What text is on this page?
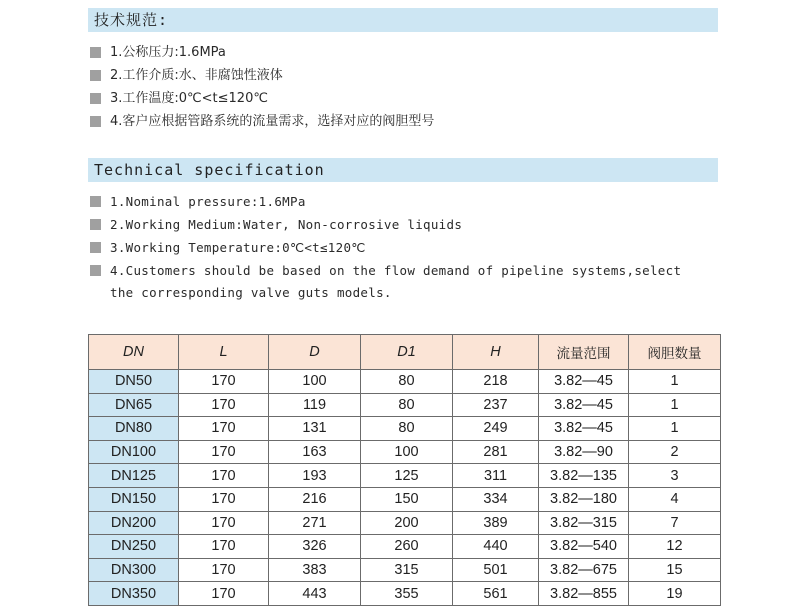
技术规范:
1.公称压力:1.6MPa
2.工作介质:水、非腐蚀性液体
3.工作温度:0℃<t≤120℃
4.客户应根据管路系统的流量需求，选择对应的阀胆型号
Technical specification
1.Nominal pressure:1.6MPa
2.Working Medium:Water, Non-corrosive liquids
3.Working Temperature:0℃<t≤120℃
4.Customers should be based on the flow demand of pipeline systems,select the corresponding valve guts models.
DN	L	D	D1	H	流量范围	阀胆数量
DN50	170	100	80	218	3.82—45	1
DN65	170	119	80	237	3.82—45	1
DN80	170	131	80	249	3.82—45	1
DN100	170	163	100	281	3.82—90	2
DN125	170	193	125	311	3.82—135	3
DN150	170	216	150	334	3.82—180	4
DN200	170	271	200	389	3.82—315	7
DN250	170	326	260	440	3.82—540	12
DN300	170	383	315	501	3.82—675	15
DN350	170	443	355	561	3.82—855	19
